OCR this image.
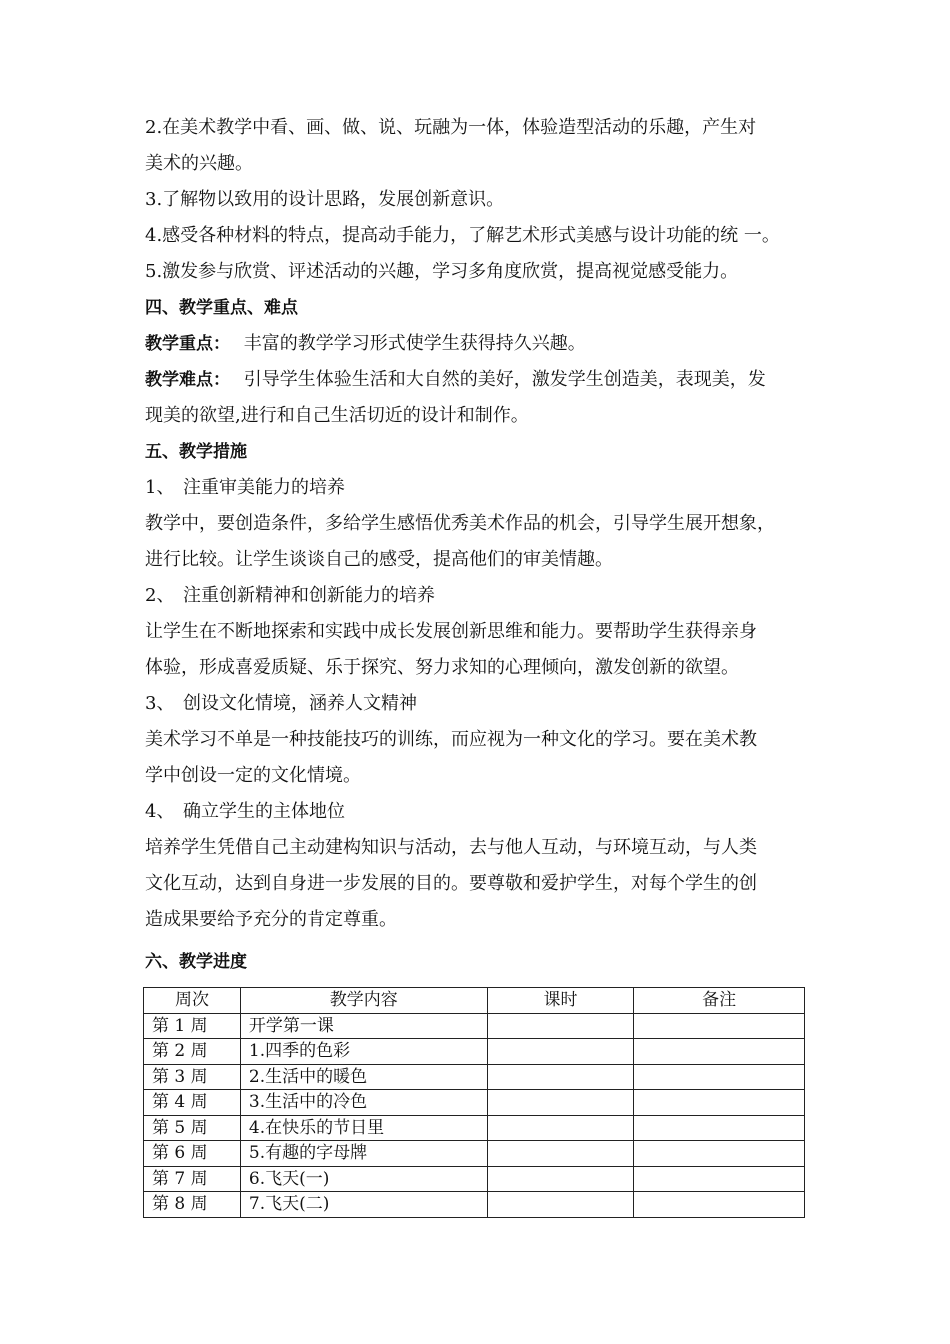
2.在美术教学中看、画、做、说、玩融为一体，体验造型活动的乐趣，产生对
美术的兴趣。
3.了解物以致用的设计思路，发展创新意识。
4.感受各种材料的特点，提高动手能力，了解艺术形式美感与设计功能的统 一。
5.激发参与欣赏、评述活动的兴趣，学习多角度欣赏，提高视觉感受能力。
四、教学重点、难点
教学重点： 丰富的教学学习形式使学生获得持久兴趣。
教学难点： 引导学生体验生活和大自然的美好，激发学生创造美，表现美，发
现美的欲望,进行和自己生活切近的设计和制作。
五、教学措施
1、 注重审美能力的培养
教学中，要创造条件，多给学生感悟优秀美术作品的机会，引导学生展开想象，
进行比较。让学生谈谈自己的感受，提高他们的审美情趣。
2、 注重创新精神和创新能力的培养
让学生在不断地探索和实践中成长发展创新思维和能力。要帮助学生获得亲身
体验，形成喜爱质疑、乐于探究、努力求知的心理倾向，激发创新的欲望。
3、 创设文化情境，涵养人文精神
美术学习不单是一种技能技巧的训练，而应视为一种文化的学习。要在美术教
学中创设一定的文化情境。
4、 确立学生的主体地位
培养学生凭借自己主动建构知识与活动，去与他人互动，与环境互动，与人类
文化互动，达到自身进一步发展的目的。要尊敬和爱护学生，对每个学生的创
造成果要给予充分的肯定尊重。
六、教学进度
周次	教学内容	课时	备注
第 1 周	开学第一课		
第 2 周	1.四季的色彩		
第 3 周	2.生活中的暖色		
第 4 周	3.生活中的冷色		
第 5 周	4.在快乐的节日里		
第 6 周	5.有趣的字母牌		
第 7 周	6.飞天(一)		
第 8 周	7.飞天(二)		
